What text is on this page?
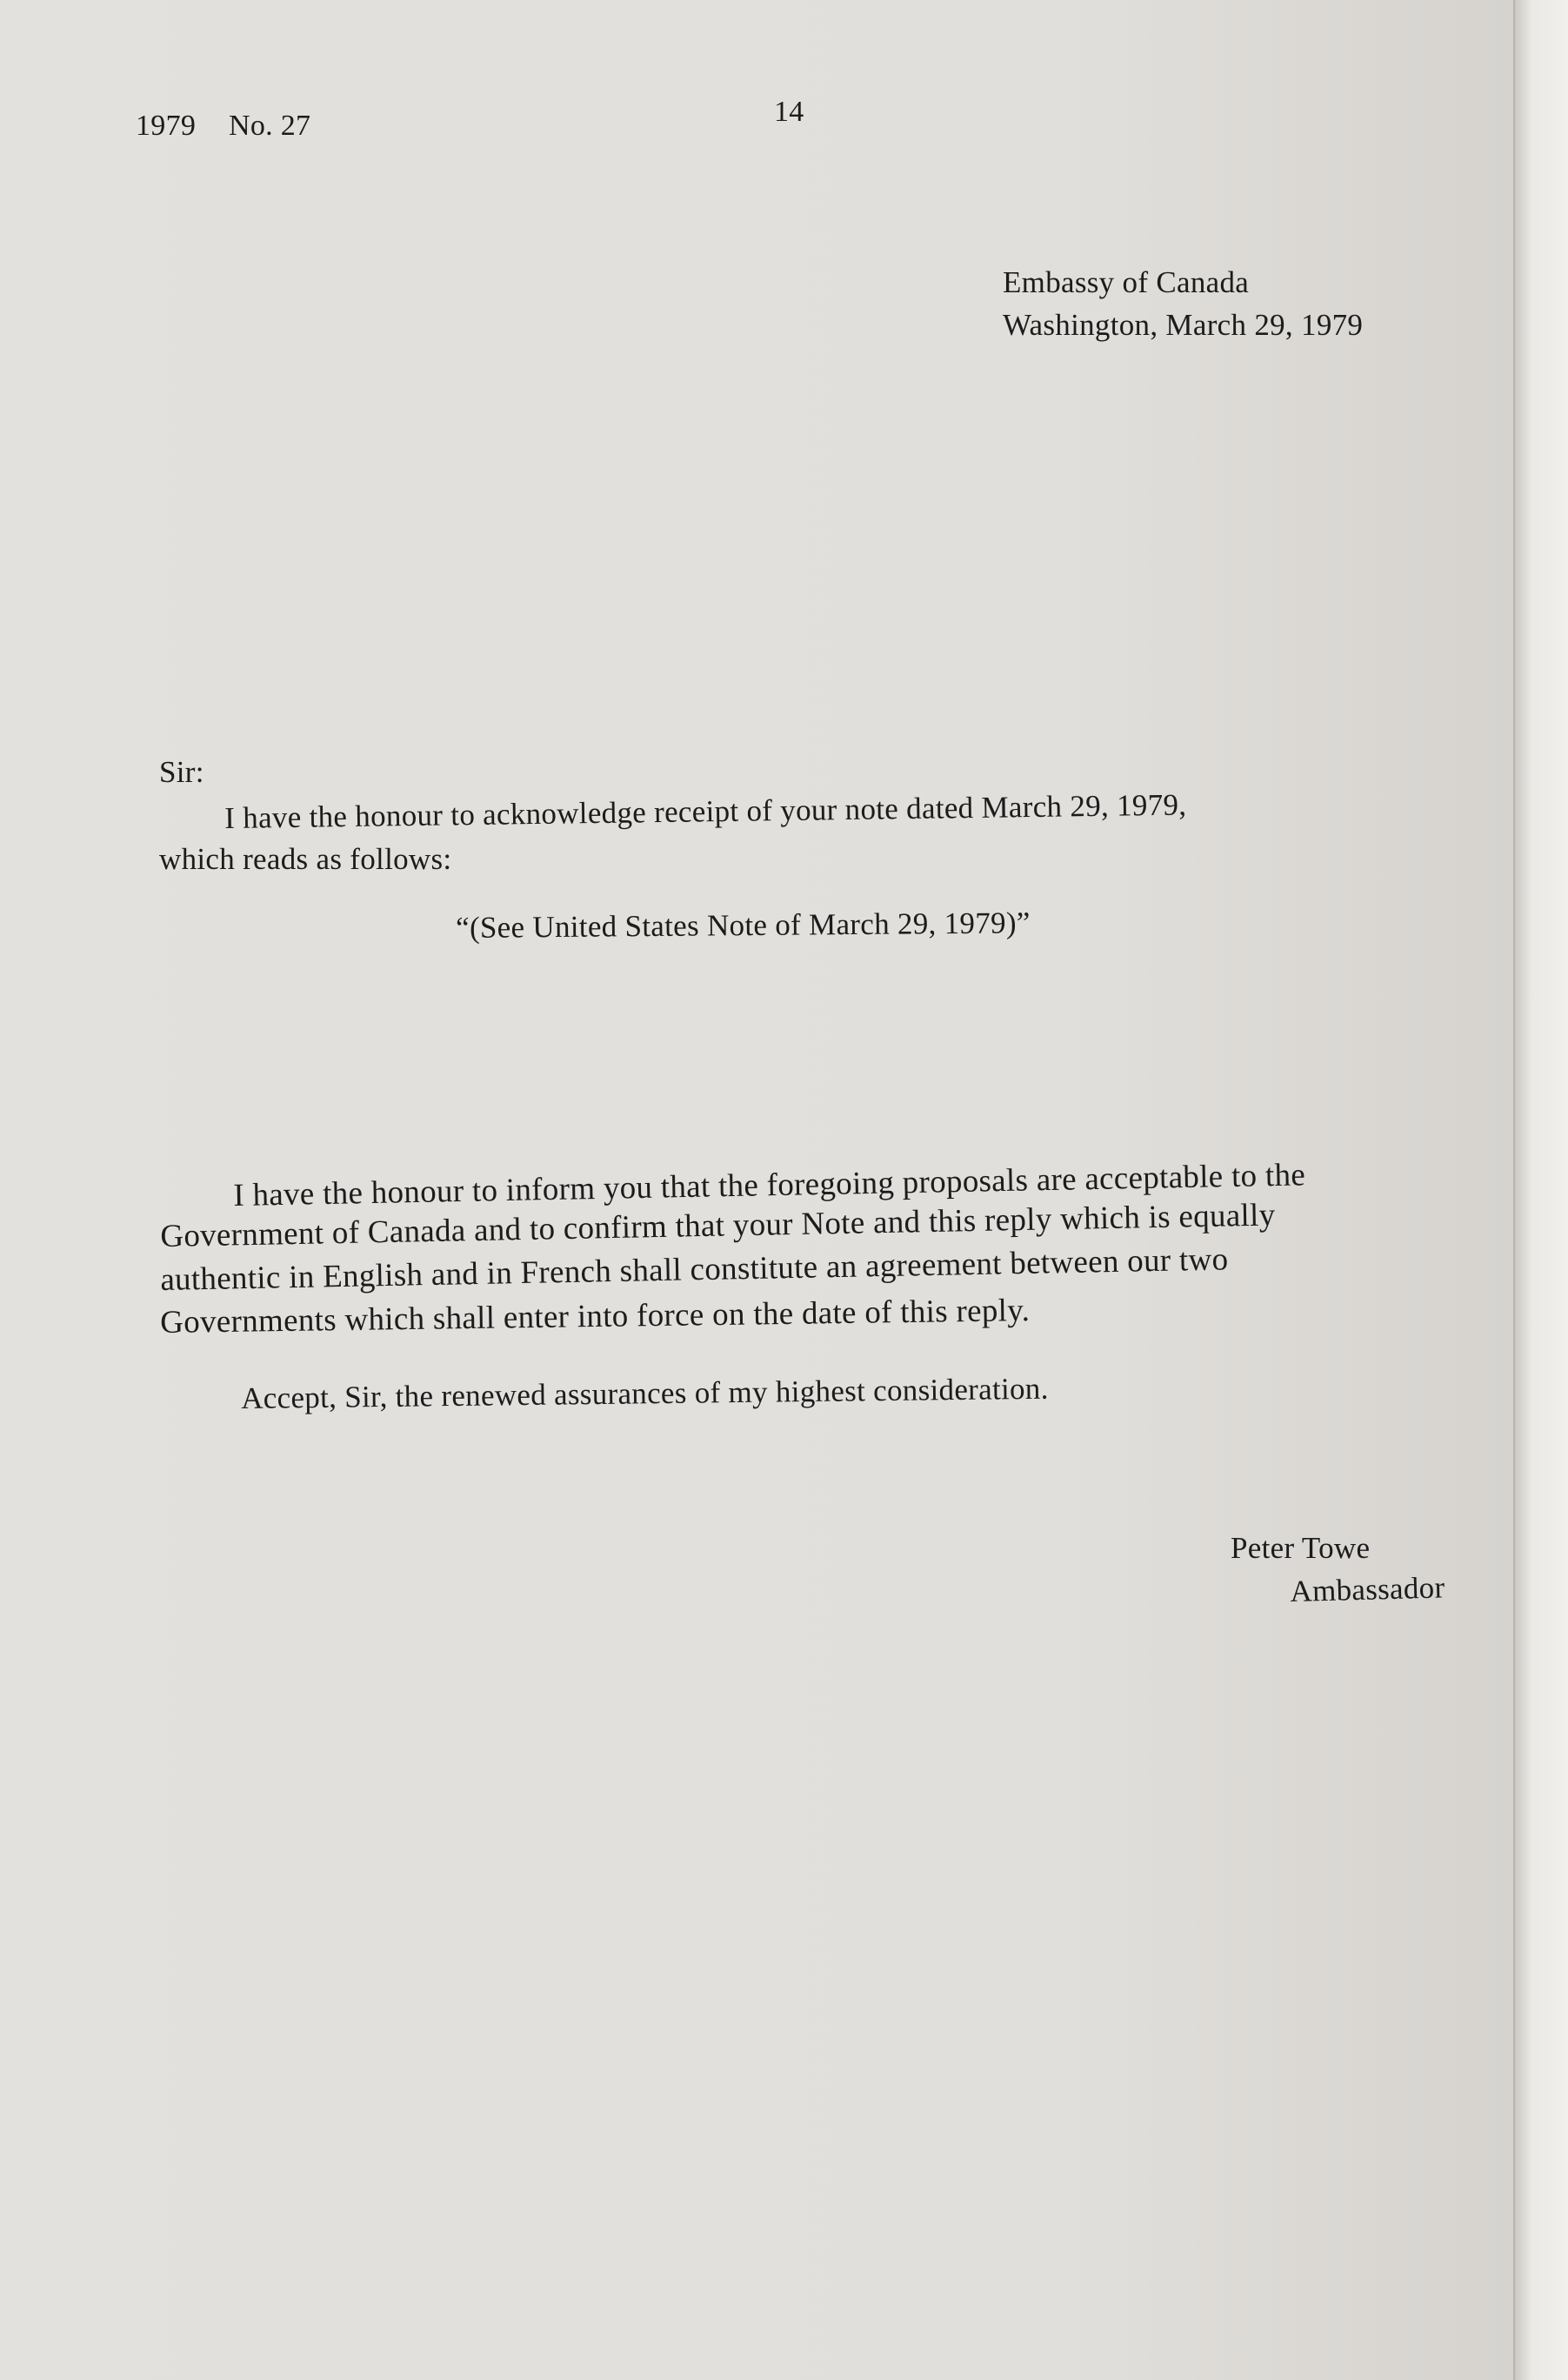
1979 No. 27	14
Embassy of Canada
Washington, March 29, 1979
Sir:
I have the honour to acknowledge receipt of your note dated March 29, 1979,
which reads as follows:
“(See United States Note of March 29, 1979)”
I have the honour to inform you that the foregoing proposals are acceptable to the
Government of Canada and to confirm that your Note and this reply which is equally
authentic in English and in French shall constitute an agreement between our two
Governments which shall enter into force on the date of this reply.
Accept, Sir, the renewed assurances of my highest consideration.
Peter Towe
Ambassador
